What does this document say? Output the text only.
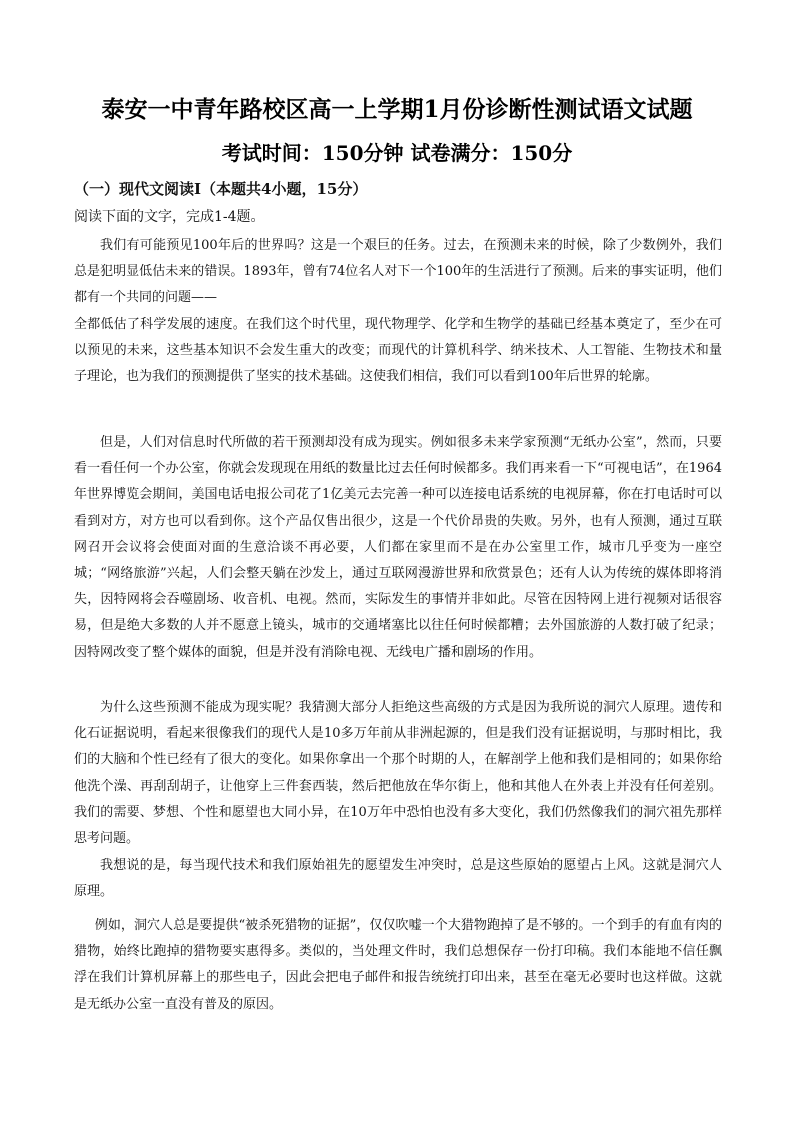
泰安一中青年路校区高一上学期1月份诊断性测试语文试题
考试时间：150分钟 试卷满分：150分
（一）现代文阅读Ⅰ（本题共4小题，15分）
阅读下面的文字，完成1-4题。

我们有可能预见100年后的世界吗？这是一个艰巨的任务。过去，在预测未来的时候，除了少数例外，我们总是犯明显低估未来的错误。1893年，曾有74位名人对下一个100年的生活进行了预测。后来的事实证明，他们都有一个共同的问题——

全都低估了科学发展的速度。在我们这个时代里，现代物理学、化学和生物学的基础已经基本奠定了，至少在可以预见的未来，这些基本知识不会发生重大的改变；而现代的计算机科学、纳米技术、人工智能、生物技术和量子理论，也为我们的预测提供了坚实的技术基础。这使我们相信，我们可以看到100年后世界的轮廓。

但是，人们对信息时代所做的若干预测却没有成为现实。例如很多未来学家预测“无纸办公室”，然而，只要看一看任何一个办公室，你就会发现现在用纸的数量比过去任何时候都多。我们再来看一下“可视电话”，在1964年世界博览会期间，美国电话电报公司花了1亿美元去完善一种可以连接电话系统的电视屏幕，你在打电话时可以看到对方，对方也可以看到你。这个产品仅售出很少，这是一个代价昂贵的失败。另外，也有人预测，通过互联网召开会议将会使面对面的生意洽谈不再必要，人们都在家里而不是在办公室里工作，城市几乎变为一座空城；“网络旅游”兴起，人们会整天躺在沙发上，通过互联网漫游世界和欣赏景色；还有人认为传统的媒体即将消失，因特网将会吞噬剧场、收音机、电视。然而，实际发生的事情并非如此。尽管在因特网上进行视频对话很容易，但是绝大多数的人并不愿意上镜头，城市的交通堵塞比以往任何时候都糟；去外国旅游的人数打破了纪录；因特网改变了整个媒体的面貌，但是并没有消除电视、无线电广播和剧场的作用。

为什么这些预测不能成为现实呢？我猜测大部分人拒绝这些高级的方式是因为我所说的洞穴人原理。遗传和化石证据说明，看起来很像我们的现代人是10多万年前从非洲起源的，但是我们没有证据说明，与那时相比，我们的大脑和个性已经有了很大的变化。如果你拿出一个那个时期的人，在解剖学上他和我们是相同的；如果你给他洗个澡、再刮刮胡子，让他穿上三件套西装，然后把他放在华尔街上，他和其他人在外表上并没有任何差别。我们的需要、梦想、个性和愿望也大同小异，在10万年中恐怕也没有多大变化，我们仍然像我们的洞穴祖先那样思考问题。

我想说的是，每当现代技术和我们原始祖先的愿望发生冲突时，总是这些原始的愿望占上风。这就是洞穴人原理。

例如，洞穴人总是要提供“被杀死猎物的证据”，仅仅吹嘘一个大猎物跑掉了是不够的。一个到手的有血有肉的猎物，始终比跑掉的猎物要实惠得多。类似的，当处理文件时，我们总想保存一份打印稿。我们本能地不信任飘浮在我们计算机屏幕上的那些电子，因此会把电子邮件和报告统统打印出来，甚至在毫无必要时也这样做。这就是无纸办公室一直没有普及的原因。
